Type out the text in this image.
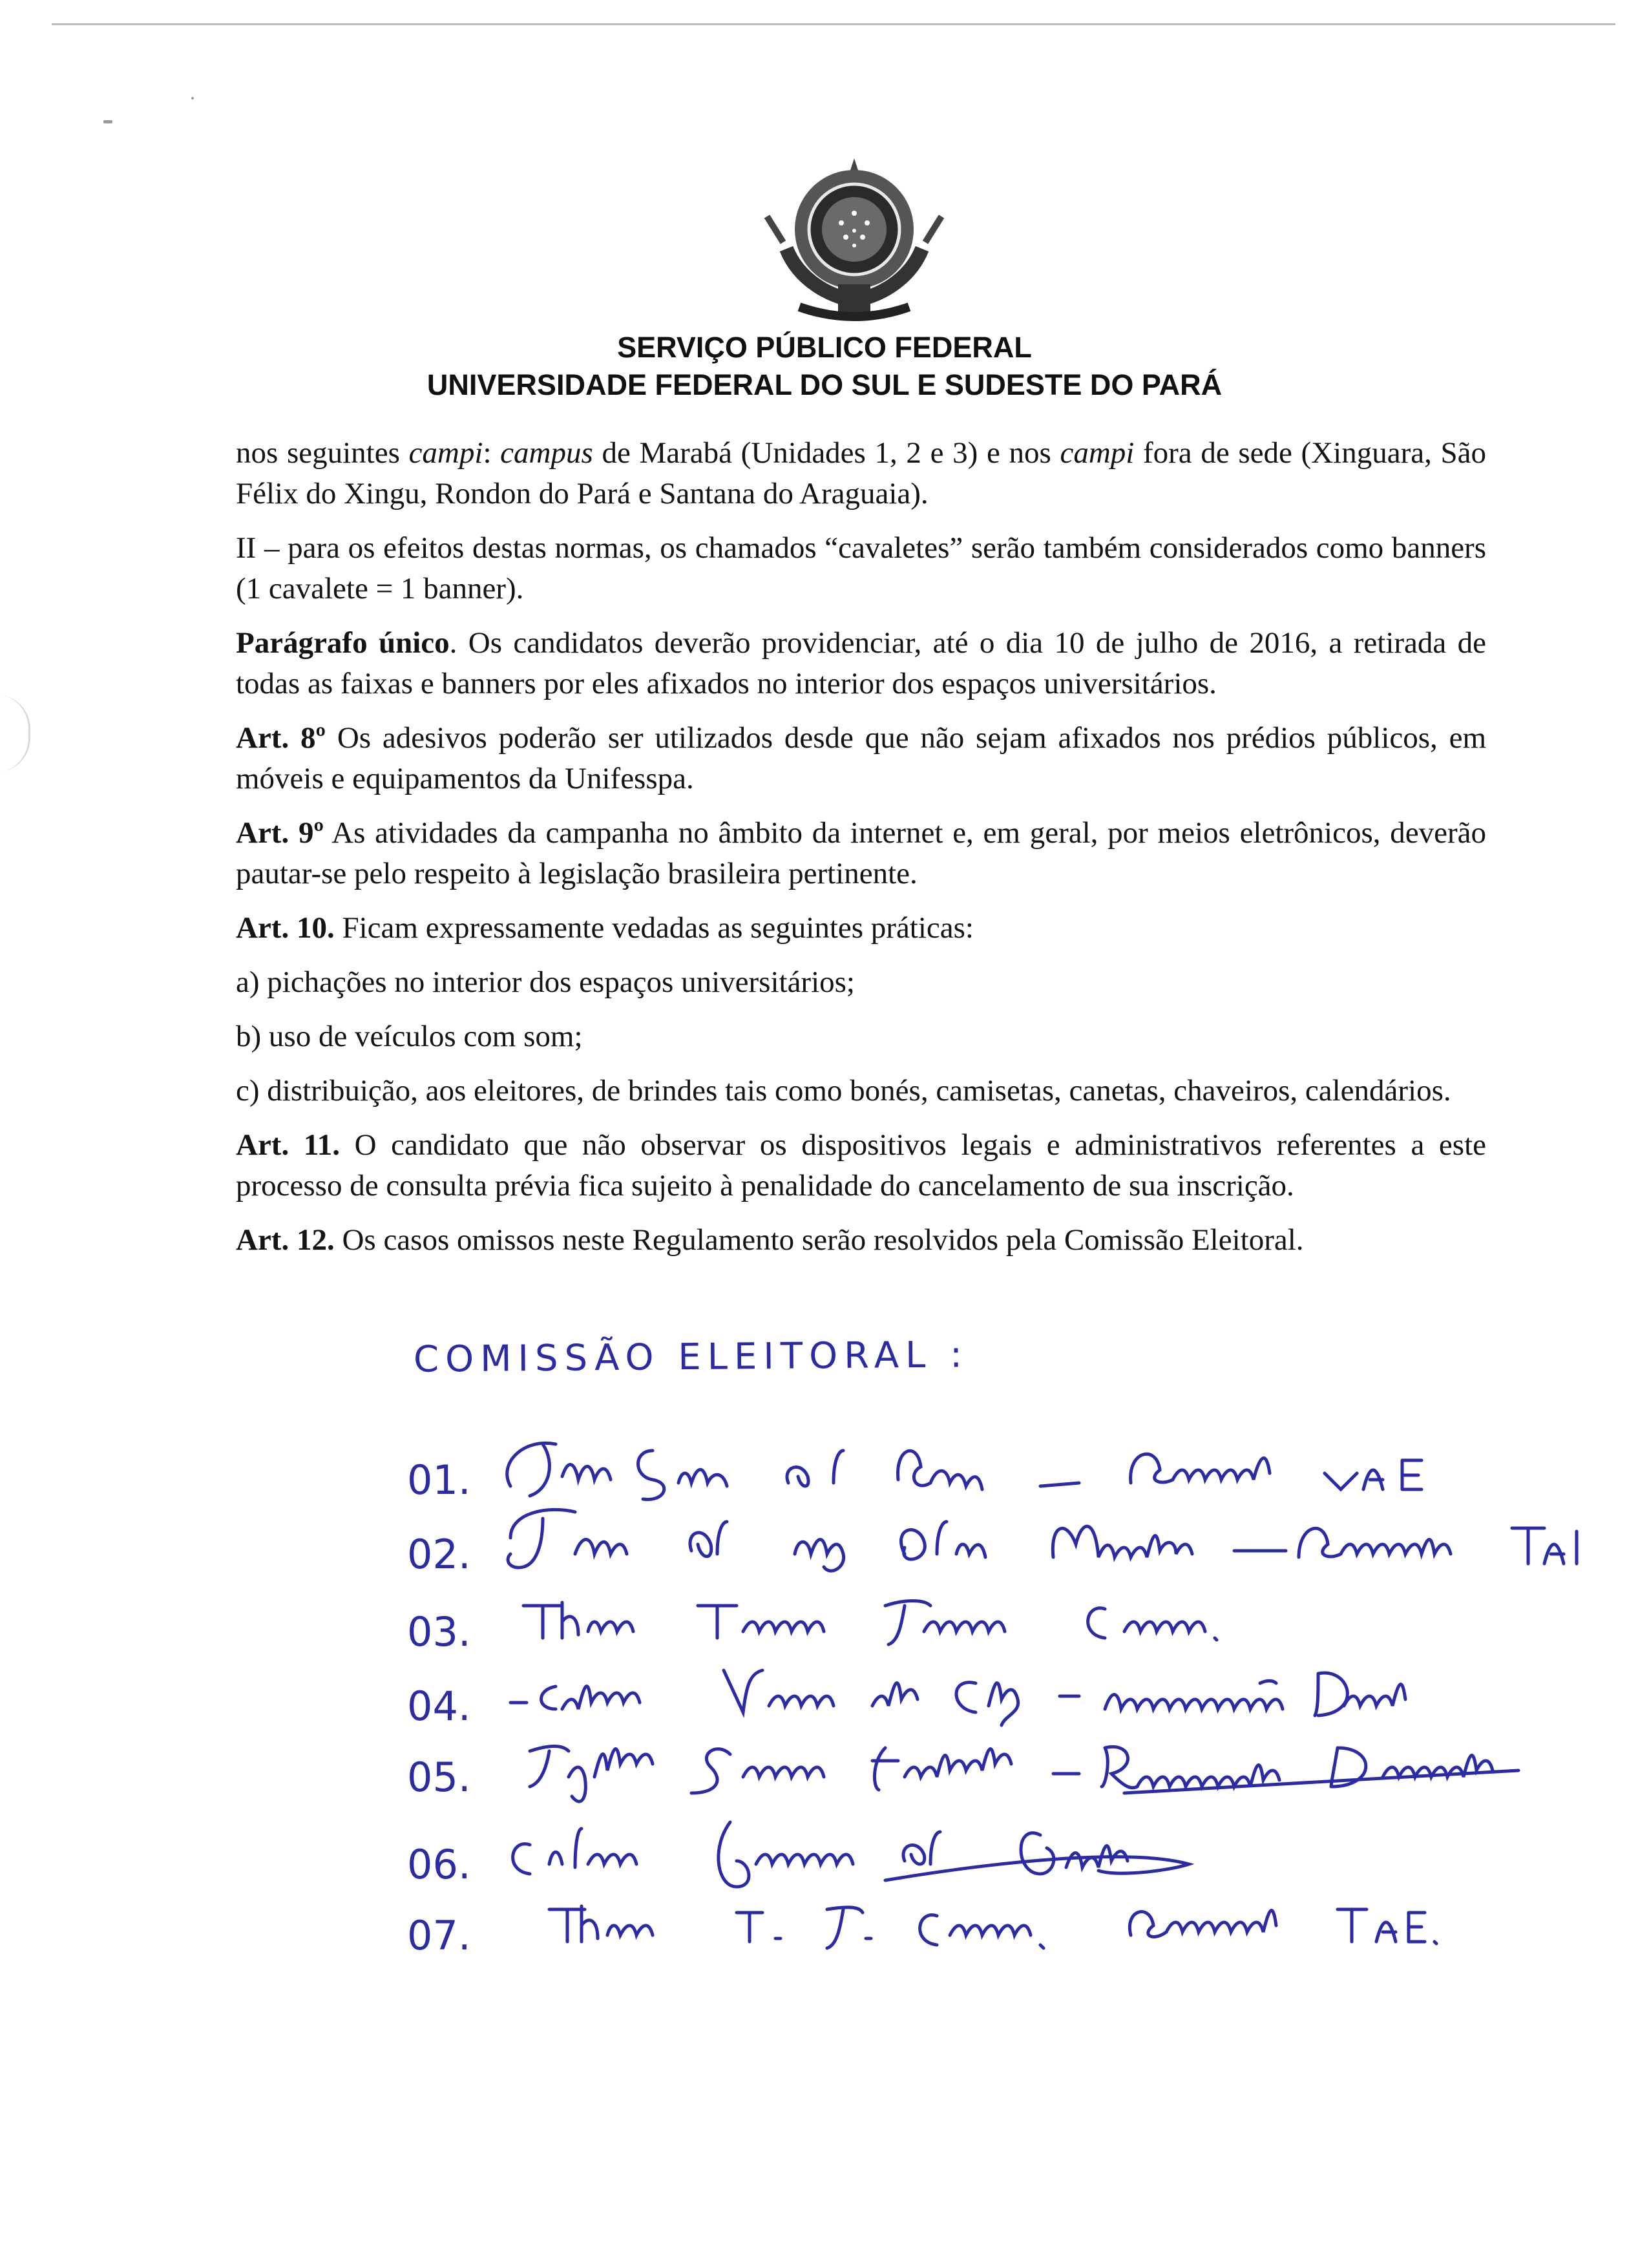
SERVIÇO PÚBLICO FEDERAL
UNIVERSIDADE FEDERAL DO SUL E SUDESTE DO PARÁ

nos seguintes campi: campus de Marabá (Unidades 1, 2 e 3) e nos campi fora de sede (Xinguara, São Félix do Xingu, Rondon do Pará e Santana do Araguaia).

II – para os efeitos destas normas, os chamados “cavaletes” serão também considerados como banners (1 cavalete = 1 banner).

Parágrafo único. Os candidatos deverão providenciar, até o dia 10 de julho de 2016, a retirada de todas as faixas e banners por eles afixados no interior dos espaços universitários.

Art. 8º Os adesivos poderão ser utilizados desde que não sejam afixados nos prédios públicos, em móveis e equipamentos da Unifesspa.

Art. 9º As atividades da campanha no âmbito da internet e, em geral, por meios eletrônicos, deverão pautar-se pelo respeito à legislação brasileira pertinente.

Art. 10. Ficam expressamente vedadas as seguintes práticas:

a) pichações no interior dos espaços universitários;

b) uso de veículos com som;

c) distribuição, aos eleitores, de brindes tais como bonés, camisetas, canetas, chaveiros, calendários.

Art. 11. O candidato que não observar os dispositivos legais e administrativos referentes a este processo de consulta prévia fica sujeito à penalidade do cancelamento de sua inscrição.

Art. 12. Os casos omissos neste Regulamento serão resolvidos pela Comissão Eleitoral.

COMISSÃO ELEITORAL :
01.
02.
03.
04.
05.
06.
07.
